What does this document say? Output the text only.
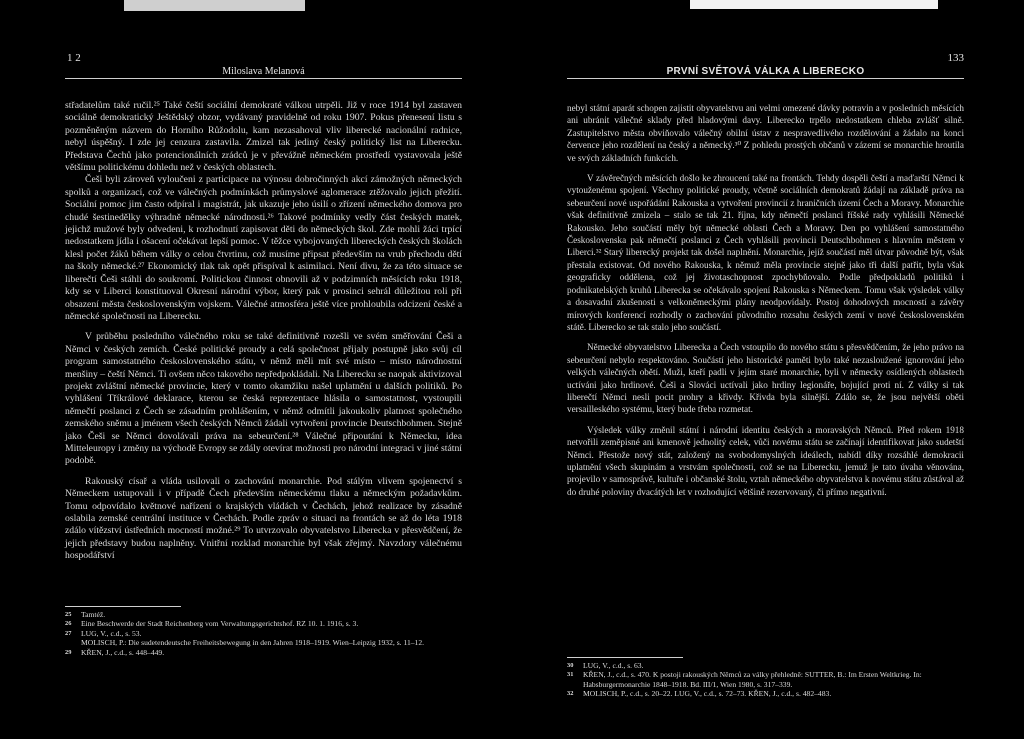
1 2
Miloslava Melanová

střadatelům také ručil.²⁵ Také čeští sociální demokraté válkou utrpěli. Již v roce 1914 byl zastaven sociálně demokratický Ještědský obzor, vydávaný pravidelně od roku 1907. Pokus přenesení listu s pozměněným názvem do Horního Růžodolu, kam nezasahoval vliv liberecké nacionální radnice, nebyl úspěšný. I zde jej cenzura zastavila. Zmizel tak jediný český politický list na Liberecku. Představa Čechů jako potencionálních zrádců je v převážně německém prostředí vystavovala ještě většímu politickému dohledu než v českých oblastech.

Češi byli zároveň vyloučeni z participace na výnosu dobročinných akcí zámožných německých spolků a organizací, což ve válečných podmínkách průmyslové aglomerace ztěžovalo jejich přežití. Sociální pomoc jim často odpíral i magistrát, jak ukazuje jeho úsilí o zřízení německého domova pro chudé šestinedělky výhradně německé národnosti.²⁶ Takové podmínky vedly část českých matek, jejichž mužové byly odvedeni, k rozhodnutí zapisovat děti do německých škol. Zde mohli žáci trpící nedostatkem jídla i ošacení očekávat lepší pomoc. V těžce vybojovaných libereckých českých školách klesl počet žáků během války o celou čtvrtinu, což musíme připsat především na vrub přechodu dětí na školy německé.²⁷ Ekonomický tlak tak opět přispíval k asimilaci. Není divu, že za této situace se liberečtí Češi stáhli do soukromí. Politickou činnost obnovili až v podzimních měsících roku 1918, kdy se v Liberci konstituoval Okresní národní výbor, který pak v prosinci sehrál důležitou roli při obsazení města československým vojskem. Válečné atmosféra ještě více prohloubila odcizení české a německé společnosti na Liberecku.

V průběhu posledního válečného roku se také definitivně rozešli ve svém směřování Češi a Němci v českých zemích. České politické proudy a celá společnost přijaly postupně jako svůj cíl program samostatného československého státu, v němž měli mít své místo – místo národnostní menšiny – čeští Němci. Ti ovšem něco takového nepředpokládali. Na Liberecku se naopak aktivizoval projekt zvláštní německé provincie, který v tomto okamžiku našel uplatnění u dalších politiků. Po vyhlášení Tříkrálové deklarace, kterou se česká reprezentace hlásila o samostatnost, vystoupili němečtí poslanci z Čech se zásadním prohlášením, v němž odmítli jakoukoliv platnost společného zemského sněmu a jménem všech českých Němců žádali vytvoření provincie Deutschbohmen. Stejně jako Češi se Němci dovolávali práva na sebeurčení.²⁸ Válečné připoutání k Německu, idea Mitteleuropy i změny na východě Evropy se zdály otevírat možnosti pro národní integraci v jiné státní podobě.

Rakouský císař a vláda usilovali o zachování monarchie. Pod stálým vlivem spojenectví s Německem ustupovali i v případě Čech především německému tlaku a německým požadavkům. Tomu odpovídalo květnové nařízení o krajských vládách v Čechách, jehož realizace by zásadně oslabila zemské centrální instituce v Čechách. Podle zpráv o situaci na frontách se až do léta 1918 zdálo vítězství ústředních mocností možné.²⁹ To utvrzovalo obyvatelstvo Liberecka v přesvědčení, že jejich představy budou naplněny. Vnitřní rozklad monarchie byl však zřejmý. Navzdory válečnému hospodářství

25	Tamtéž.
26	Eine Beschwerde der Stadt Reichenberg vom Verwaltungsgerichtshof. RZ 10. 1. 1916, s. 3.
27	LUG, V., c.d., s. 53.
MOLISCH, P.: Die sudetendeutsche Freiheitsbewegung in den Jahren 1918–1919. Wien–Leipzig 1932, s. 11–12.
29	KŘEN, J., c.d., s. 448–449.
133
PRVNÍ SVĚTOVÁ VÁLKA A LIBERECKO

nebyl státní aparát schopen zajistit obyvatelstvu ani velmi omezené dávky potravin a v posledních měsících ani ubránit válečné sklady před hladovými davy. Liberecko trpělo nedostatkem chleba zvlášť silně. Zastupitelstvo města obviňovalo válečný obilní ústav z nespravedlivého rozdělování a žádalo na konci července jeho rozdělení na český a německý.³⁰ Z pohledu prostých občanů v zázemí se monarchie hroutila ve svých základních funkcích.

V závěrečných měsících došlo ke zhroucení také na frontách. Tehdy dospěli čeští a maďarští Němci k vytouženému spojení. Všechny politické proudy, včetně sociálních demokratů žádají na základě práva na sebeurčení nové uspořádání Rakouska a vytvoření provincií z hraničních území Čech a Moravy. Monarchie však definitivně zmizela – stalo se tak 21. října, kdy němečtí poslanci říšské rady vyhlásili Německé Rakousko. Jeho součástí měly být německé oblasti Čech a Moravy. Den po vyhlášení samostatného Československa pak němečtí poslanci z Čech vyhlásili provincii Deutschbohmen s hlavním městem v Liberci.³² Starý liberecký projekt tak došel naplnění. Monarchie, jejíž součástí měl útvar původně být, však přestala existovat. Od nového Rakouska, k němuž měla provincie stejně jako tři další patřit, byla však geograficky oddělena, což jej životaschopnost zpochybňovalo. Podle předpokladů politiků i podnikatelských kruhů Liberecka se očekávalo spojení Rakouska s Německem. Tomu však výsledek války a dosavadní zkušenosti s velkoněmeckými plány neodpovídaly. Postoj dohodových mocností a závěry mírových konferencí rozhodly o zachování původního rozsahu českých zemí v nové československém státě. Liberecko se tak stalo jeho součástí.

Německé obyvatelstvo Liberecka a Čech vstoupilo do nového státu s přesvědčením, že jeho právo na sebeurčení nebylo respektováno. Součástí jeho historické paměti bylo také nezasloužené ignorování jeho velkých válečných obětí. Muži, kteří padli v jejím staré monarchie, byli v německy osídlených oblastech uctíváni jako hrdinové. Češi a Slováci uctívali jako hrdiny legionáře, bojující proti ní. Z války si tak liberečtí Němci nesli pocit prohry a křivdy. Křivda byla silnější. Zdálo se, že jsou největší oběti versailleského systému, který bude třeba rozmetat.

Výsledek války změnil státní i národní identitu českých a moravských Němců. Před rokem 1918 netvořili zeměpisné ani kmenově jednolitý celek, vůči novému státu se začínají identifikovat jako sudetští Němci. Přestože nový stát, založený na svobodomyslných ideálech, nabídl díky rozsáhlé demokracii uplatnění všech skupinám a vrstvám společnosti, což se na Liberecku, jemuž je tato úvaha věnována, projevilo v samosprávě, kultuře i občanské štolu, vztah německého obyvatelstva k novému státu zůstával až do druhé poloviny dvacátých let v rozhodující většině rezervovaný, či přímo negativní.

30	LUG, V., c.d., s. 63.
31	KŘEN, J., c.d., s. 470. K postoji rakouských Němců za války přehledně: SUTTER, B.: Im Ersten Weltkrieg. In: Habsburgermonarchie 1848–1918. Bd. III/1, Wien 1980, s. 317–339.
32	MOLISCH, P., c.d., s. 20–22. LUG, V., c.d., s. 72–73. KŘEN, J., c.d., s. 482–483.
